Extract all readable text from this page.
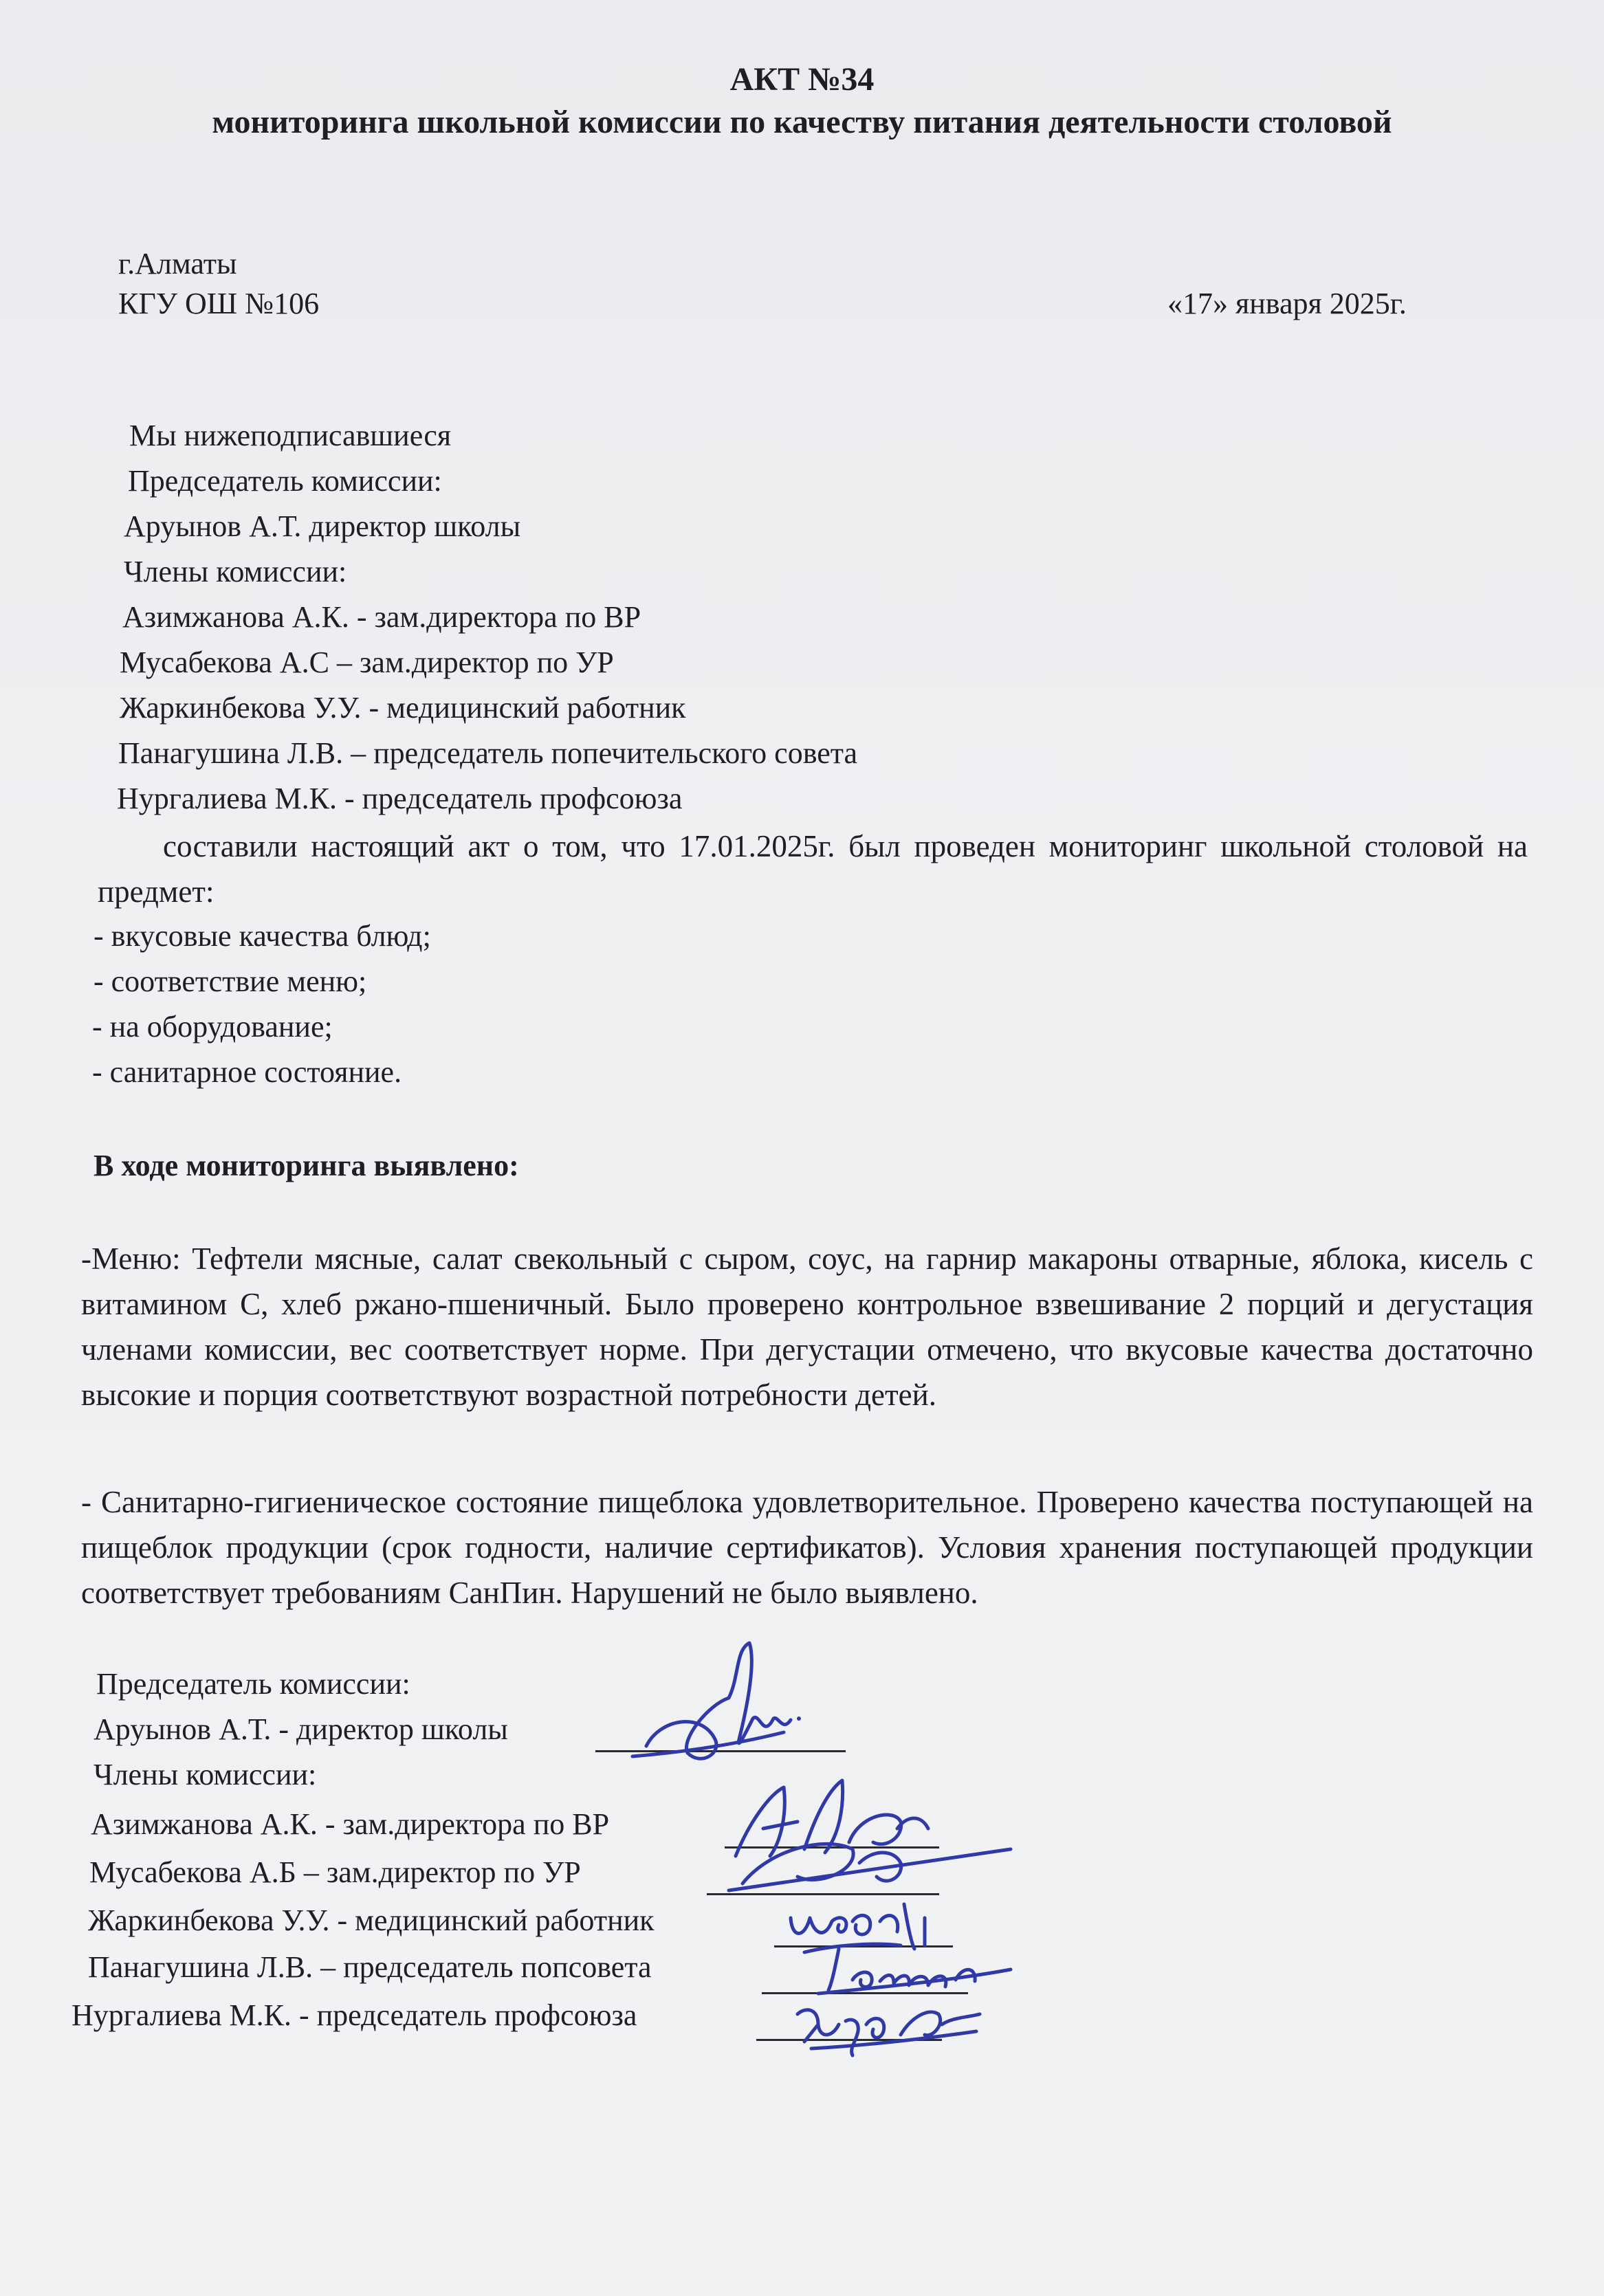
АКТ №34
мониторинга школьной комиссии по качеству питания деятельности столовой
г.Алматы
КГУ ОШ №106	«17» января 2025г.
Мы нижеподписавшиеся
Председатель комиссии:
Аруынов А.Т. директор школы
Члены комиссии:
Азимжанова А.К. - зам.директора по ВР
Мусабекова А.С – зам.директор по УР
Жаркинбекова У.У. - медицинский работник
Панагушина Л.В. – председатель попечительского совета
Нургалиева М.К. - председатель профсоюза
составили настоящий акт о том, что 17.01.2025г. был проведен мониторинг школьной столовой на предмет:
- вкусовые качества блюд;
- соответствие меню;
- на оборудование;
- санитарное состояние.
В ходе мониторинга выявлено:
-Меню: Тефтели мясные, салат свекольный с сыром, соус, на гарнир макароны отварные, яблока, кисель с витамином С, хлеб ржано-пшеничный. Было проверено контрольное взвешивание 2 порций и дегустация членами комиссии, вес соответствует норме. При дегустации отмечено, что вкусовые качества достаточно высокие и порция соответствуют возрастной потребности детей.
- Санитарно-гигиеническое состояние пищеблока удовлетворительное. Проверено качества поступающей на пищеблок продукции (срок годности, наличие сертификатов). Условия хранения поступающей продукции соответствует требованиям СанПин. Нарушений не было выявлено.
Председатель комиссии:
Аруынов А.Т. - директор школы
Члены комиссии:
Азимжанова А.К. - зам.директора по ВР
Мусабекова А.Б – зам.директор по УР
Жаркинбекова У.У. - медицинский работник
Панагушина Л.В. – председатель попсовета
Нургалиева М.К. - председатель профсоюза
